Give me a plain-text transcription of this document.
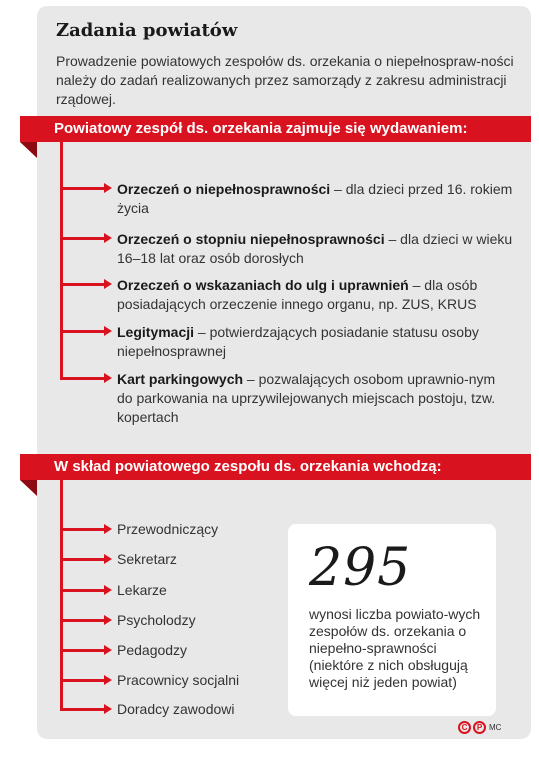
Zadania powiatów
Prowadzenie powiatowych zespołów ds. orzekania o niepełnospraw-ności należy do zadań realizowanych przez samorządy z zakresu administracji rządowej.
Powiatowy zespół ds. orzekania zajmuje się wydawaniem:
Orzeczeń o niepełnosprawności – dla dzieci przed 16. rokiem życia
Orzeczeń o stopniu niepełnosprawności – dla dzieci w wieku 16–18 lat oraz osób dorosłych
Orzeczeń o wskazaniach do ulg i uprawnień – dla osób posiadających orzeczenie innego organu, np. ZUS, KRUS
Legitymacji – potwierdzających posiadanie statusu osoby niepełnosprawnej
Kart parkingowych – pozwalających osobom uprawnio-nym do parkowania na uprzywilejowanych miejscach postoju, tzw. kopertach
W skład powiatowego zespołu ds. orzekania wchodzą:
Przewodniczący
Sekretarz
Lekarze
Psycholodzy
Pedagodzy
Pracownicy socjalni
Doradcy zawodowi
295
wynosi liczba powiato-wych zespołów ds. orzekania o niepełno-sprawności (niektóre z nich obsługują więcej niż jeden powiat)
C	P MC
